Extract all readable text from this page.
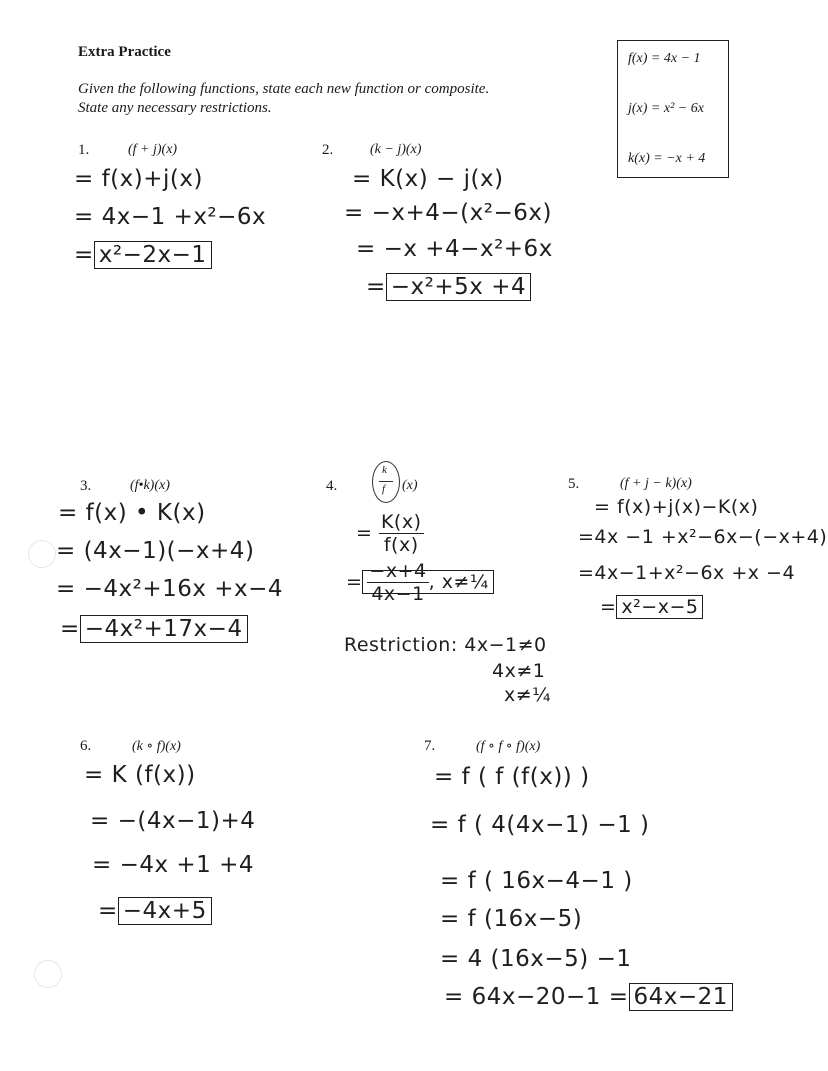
Extra Practice
Given the following functions, state each new function or composite.
State any necessary restrictions.
f(x) = 4x − 1
j(x) = x² − 6x
k(x) = −x + 4
1.	(f + j)(x)
= f(x)+j(x)
= 4x−1 +x²−6x
= x²−2x−1
2.	(k − j)(x)
= K(x) − j(x)
= −x+4−(x²−6x)
= −x +4−x²+6x
= −x²+5x +4
3.	(f•k)(x)
= f(x) • K(x)
= (4x−1)(−x+4)
= −4x²+16x +x−4
= −4x²+17x−4
4.
k
f (x)
= $\frac{K(x)}{f(x)}$
= $\frac{-x+4}{4x-1}$ , x≠¼
Restriction: 4x−1≠0
4x≠1
x≠¼
5.	(f + j − k)(x)
= f(x)+j(x)−K(x)
=4x −1 +x²−6x−(−x+4)
=4x−1+x²−6x +x −4
= x²−x−5
6.	(k ∘ f)(x)
= K (f(x))
= −(4x−1)+4
= −4x +1 +4
= −4x+5
7.	(f ∘ f ∘ f)(x)
= f ( f (f(x)) )
= f ( 4(4x−1) −1 )
= f ( 16x−4−1 )
= f (16x−5)
= 4 (16x−5) −1
= 64x−20−1 = 64x−21
